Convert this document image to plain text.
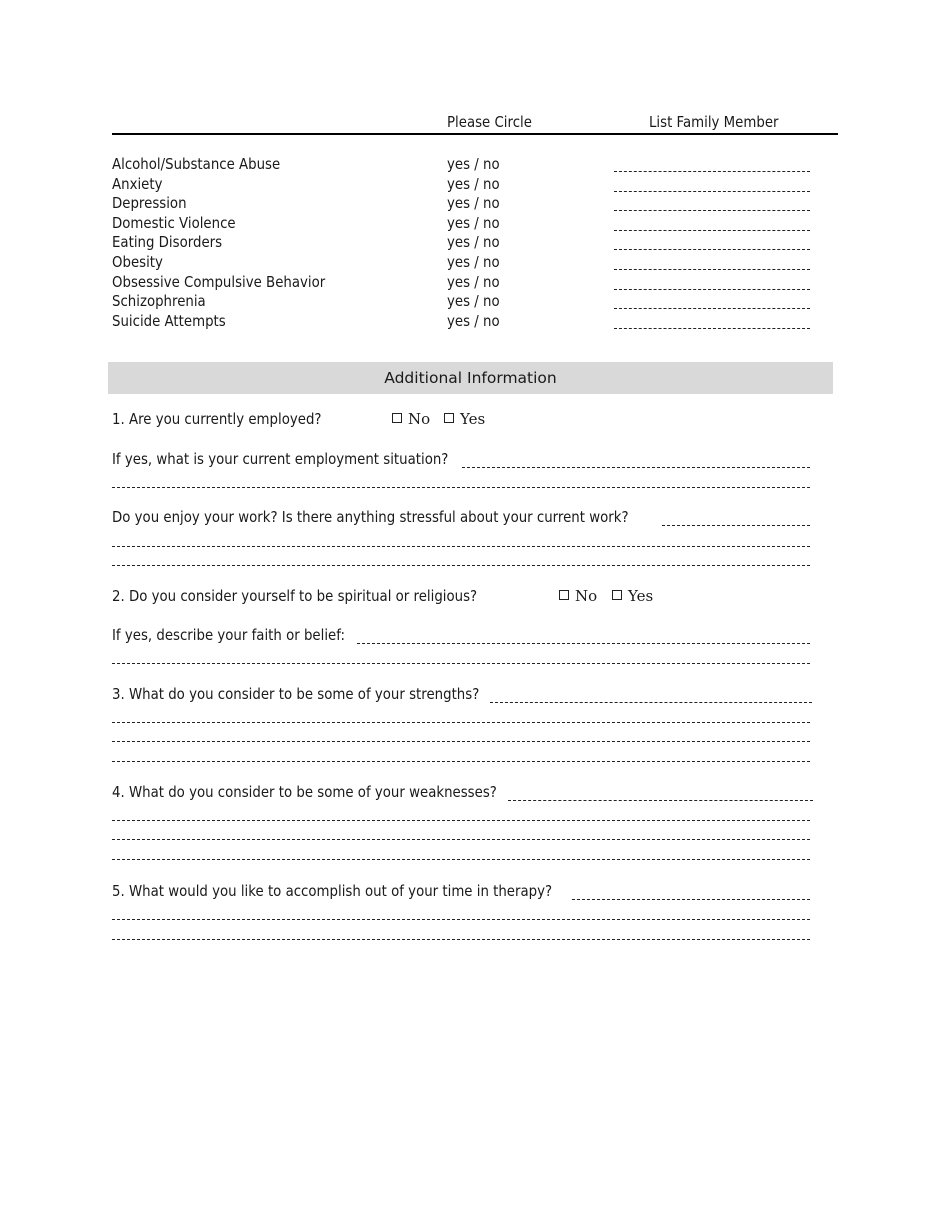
Please Circle	List Family Member
Alcohol/Substance Abuse	yes / no
Anxiety	yes / no
Depression	yes / no
Domestic Violence	yes / no
Eating Disorders	yes / no
Obesity	yes / no
Obsessive Compulsive Behavior	yes / no
Schizophrenia	yes / no
Suicide Attempts	yes / no
Additional Information
1. Are you currently employed?	No	Yes
If yes, what is your current employment situation?
Do you enjoy your work? Is there anything stressful about your current work?
2. Do you consider yourself to be spiritual or religious?	No	Yes
If yes, describe your faith or belief:
3. What do you consider to be some of your strengths?
4. What do you consider to be some of your weaknesses?
5. What would you like to accomplish out of your time in therapy?
